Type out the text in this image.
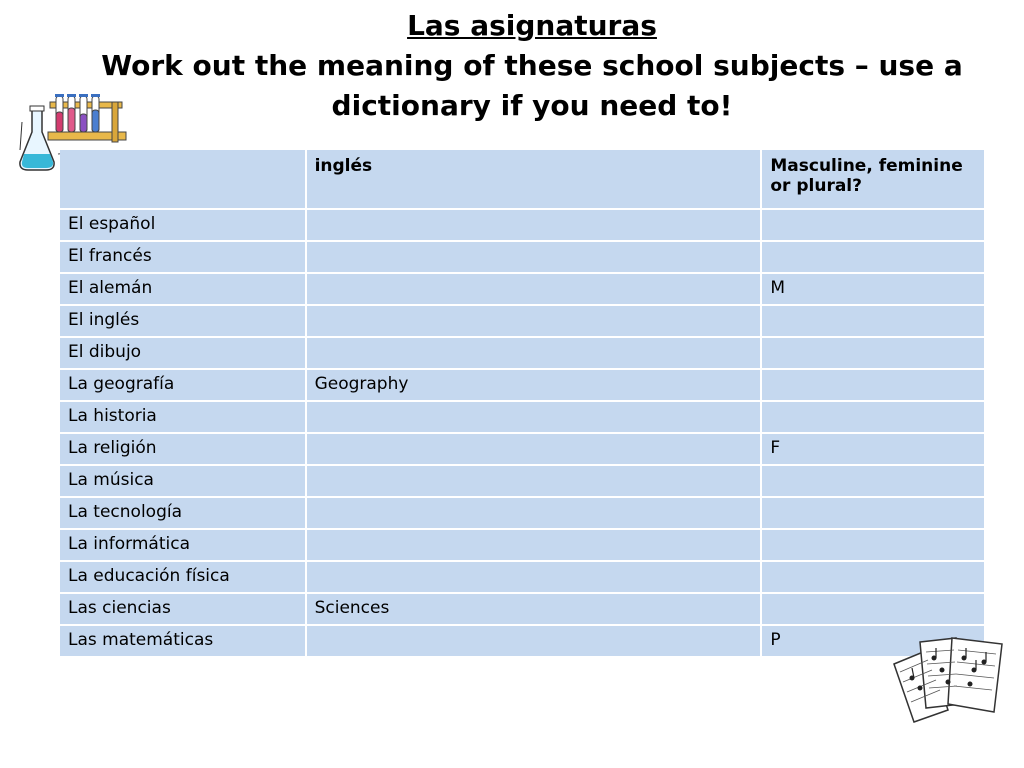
Las asignaturas
Work out the meaning of these school subjects – use a dictionary if you need to!
	inglés	Masculine, feminine or plural?
El español		
El francés		
El alemán		M
El inglés		
El dibujo		
La geografía	Geography	
La historia		
La religión		F
La música		
La tecnología		
La informática		
La educación física		
Las ciencias	Sciences	
Las matemáticas		P
